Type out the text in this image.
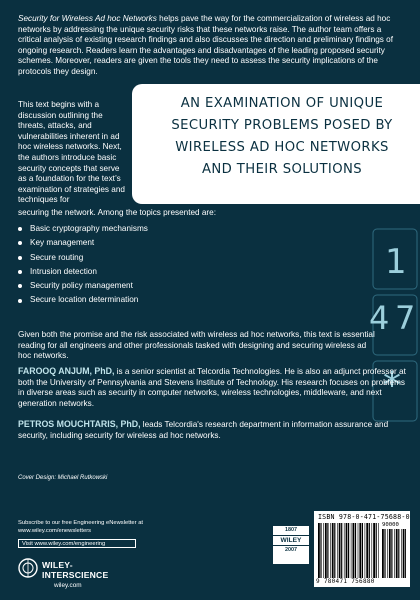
1
4 7
*

Security for Wireless Ad hoc Networks helps pave the way for the commercialization of wireless ad hoc networks by addressing the unique security risks that these networks raise. The author team offers a critical analysis of existing research findings and also discusses the direction and preliminary findings of ongoing research. Readers learn the advantages and disadvantages of the leading proposed security schemes. Moreover, readers are given the tools they need to assess the security implications of the protocols they design.

AN EXAMINATION OF UNIQUE
SECURITY PROBLEMS POSED BY
WIRELESS AD HOC NETWORKS
AND THEIR SOLUTIONS

This text begins with a discussion outlining the threats, attacks, and vulnerabilities inherent in ad hoc wireless networks. Next, the authors introduce basic security concepts that serve as a foundation for the text’s examination of strategies and techniques for

securing the network. Among the topics presented are:

Basic cryptography mechanisms
Key management
Secure routing
Intrusion detection
Security policy management
Secure location determination

Given both the promise and the risk associated with wireless ad hoc networks, this text is essential reading for all engineers and other professionals tasked with designing and securing wireless ad hoc networks.

FAROOQ ANJUM, PhD, is a senior scientist at Telcordia Technologies. He is also an adjunct professor at both the University of Pennsylvania and Stevens Institute of Technology. His research focuses on problems in diverse areas such as security in computer networks, wireless technologies, middleware, and next generation networks.

PETROS MOUCHTARIS, PhD, leads Telcordia's research department in information assurance and security, including security for wireless ad hoc networks.

Cover Design: Michael Rutkowski
Subscribe to our free Engineering eNewsletter at
www.wiley.com/enewsletters
Visit www.wiley.com/engineering
WILEY-
INTERSCIENCE
wiley.com
1807
WILEY
2007
ISBN 978-0-471-75688-0
90000
9 780471 756880
